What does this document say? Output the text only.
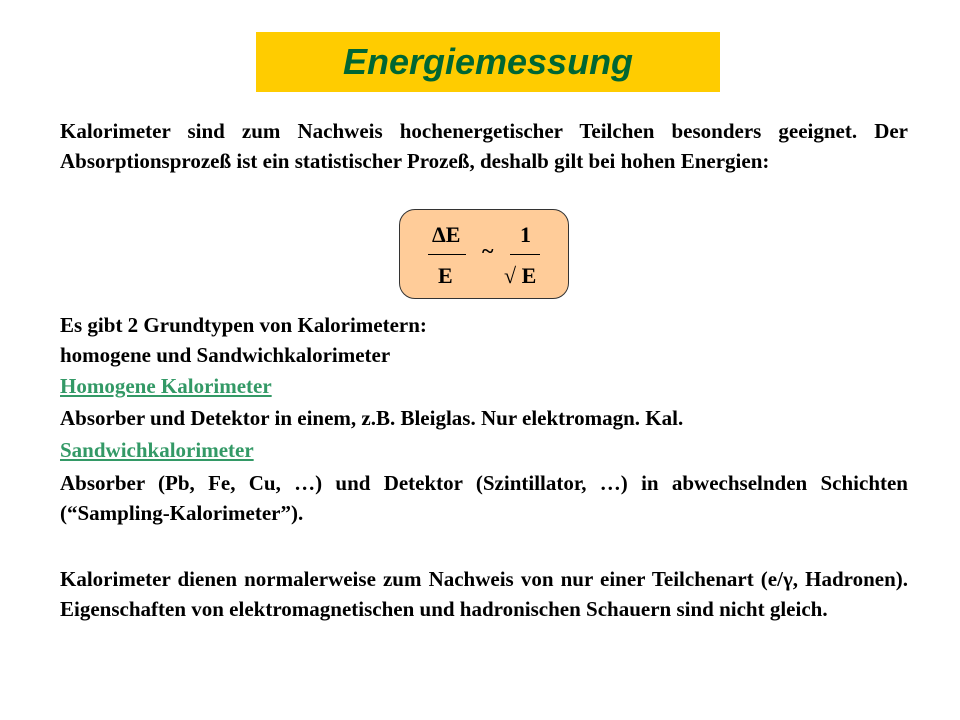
Energiemessung

Kalorimeter sind zum Nachweis hochenergetischer Teilchen besonders geeignet. Der Absorptionsprozeß ist ein statistischer Prozeß, deshalb gilt bei hohen Energien:

ΔE
E
~
1
√ E

Es gibt 2 Grundtypen von Kalorimetern:

homogene und Sandwichkalorimeter

Homogene Kalorimeter

Absorber und Detektor in einem, z.B. Bleiglas. Nur elektromagn. Kal.

Sandwichkalorimeter

Absorber (Pb, Fe, Cu, …) und Detektor (Szintillator, …) in abwechselnden Schichten (“Sampling-Kalorimeter”).

Kalorimeter dienen normalerweise zum Nachweis von nur einer Teilchenart (e/γ, Hadronen). Eigenschaften von elektromagnetischen und hadronischen Schauern sind nicht gleich.
